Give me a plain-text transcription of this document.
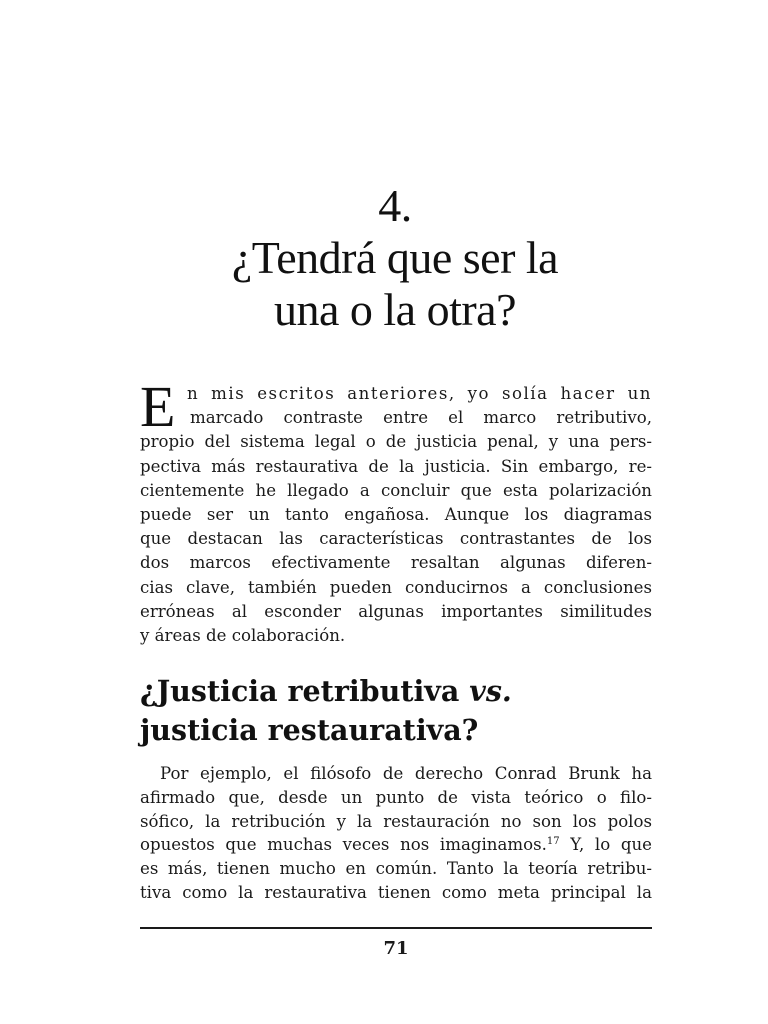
4.
¿Tendrá que ser la
una o la otra?
E n mis escritos anteriores, yo solía hacer un
marcado contraste entre el marco retributivo,
propio del sistema legal o de justicia penal, y una pers-
pectiva más restaurativa de la justicia. Sin embargo, re-
cientemente he llegado a concluir que esta polarización
puede ser un tanto engañosa. Aunque los diagramas
que destacan las características contrastantes de los
dos marcos efectivamente resaltan algunas diferen-
cias clave, también pueden conducirnos a conclusiones
erróneas al esconder algunas importantes similitudes
y áreas de colaboración.
¿Justicia retributiva vs.
justicia restaurativa?
Por ejemplo, el filósofo de derecho Conrad Brunk ha
afirmado que, desde un punto de vista teórico o filo-
sófico, la retribución y la restauración no son los polos
opuestos que muchas veces nos imaginamos.$^{17}$ Y, lo que
es más, tienen mucho en común. Tanto la teoría retribu-
tiva como la restaurativa tienen como meta principal la
71
